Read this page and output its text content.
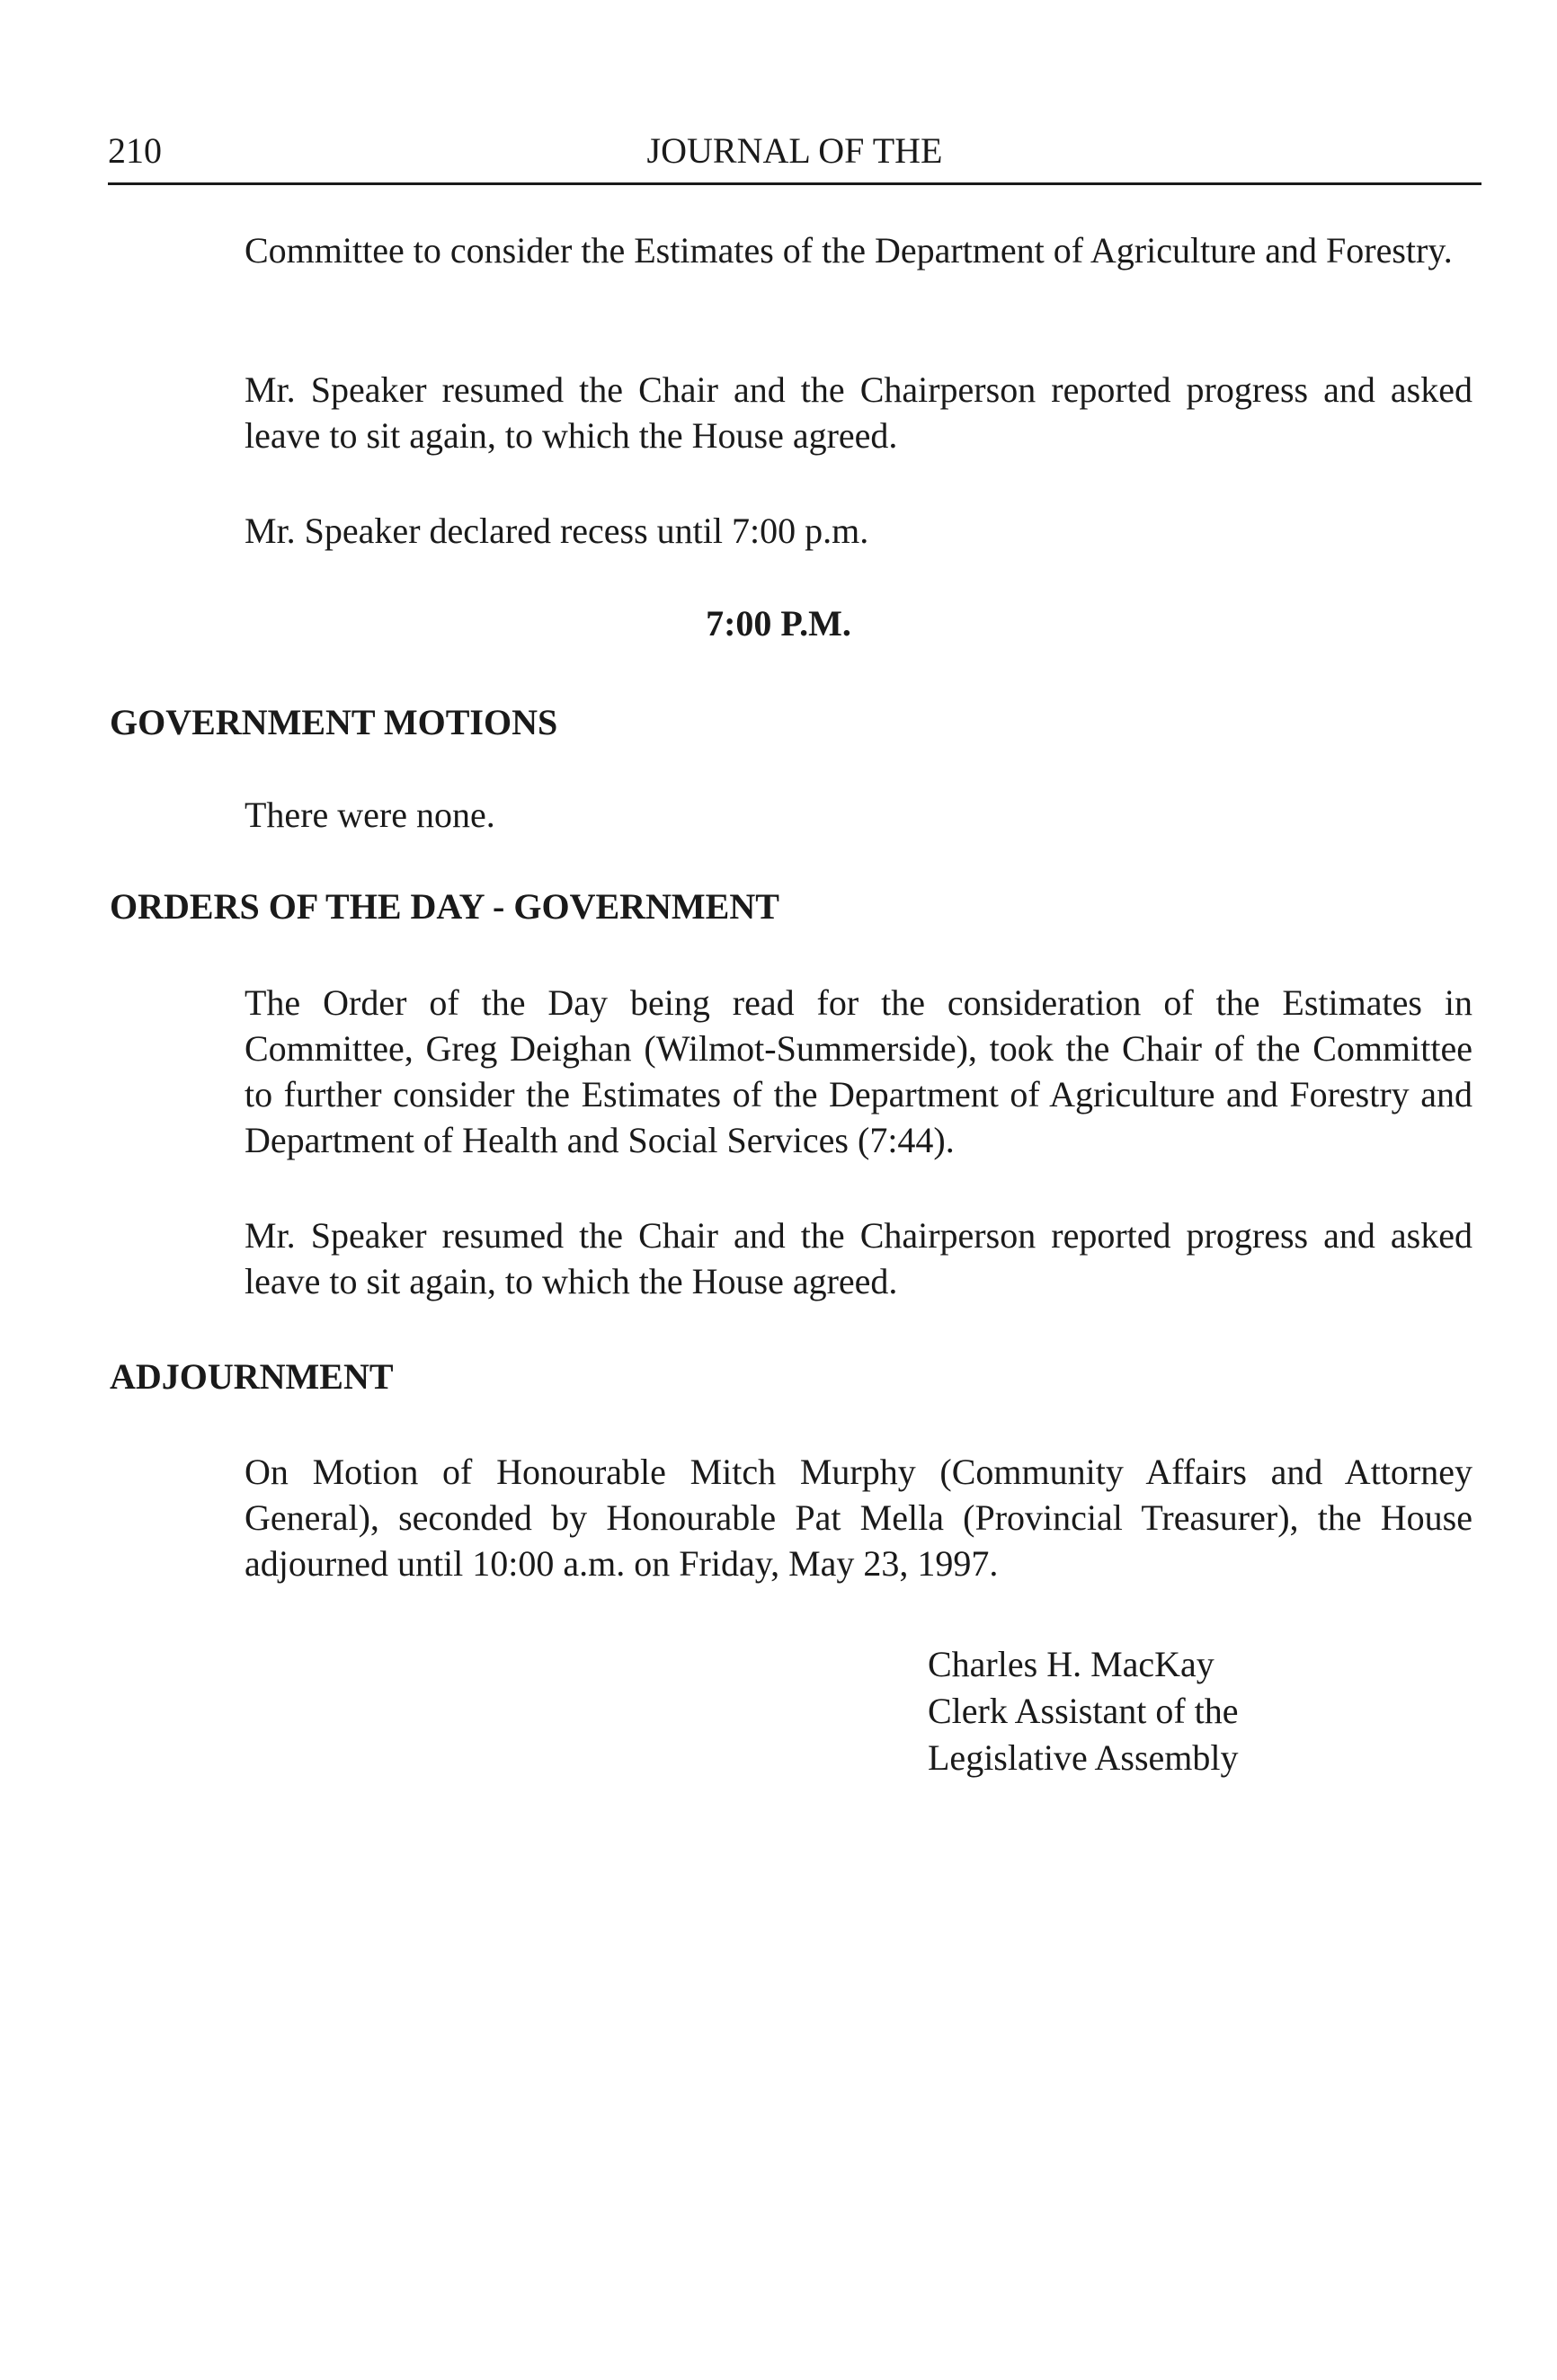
210	JOURNAL OF THE

Committee to consider the Estimates of the Department of Agriculture and Forestry.

Mr. Speaker resumed the Chair and the Chairperson reported progress and asked leave to sit again, to which the House agreed.

Mr. Speaker declared recess until 7:00 p.m.

7:00 P.M.

GOVERNMENT MOTIONS

There were none.

ORDERS OF THE DAY - GOVERNMENT

The Order of the Day being read for the consideration of the Estimates in Committee, Greg Deighan (Wilmot-Summerside), took the Chair of the Committee to further consider the Estimates of the Department of Agriculture and Forestry and Department of Health and Social Services (7:44).

Mr. Speaker resumed the Chair and the Chairperson reported progress and asked leave to sit again, to which the House agreed.

ADJOURNMENT

On Motion of Honourable Mitch Murphy (Community Affairs and Attorney General), seconded by Honourable Pat Mella (Provincial Treasurer), the House adjourned until 10:00 a.m. on Friday, May 23, 1997.

Charles H. MacKay
Clerk Assistant of the
Legislative Assembly
